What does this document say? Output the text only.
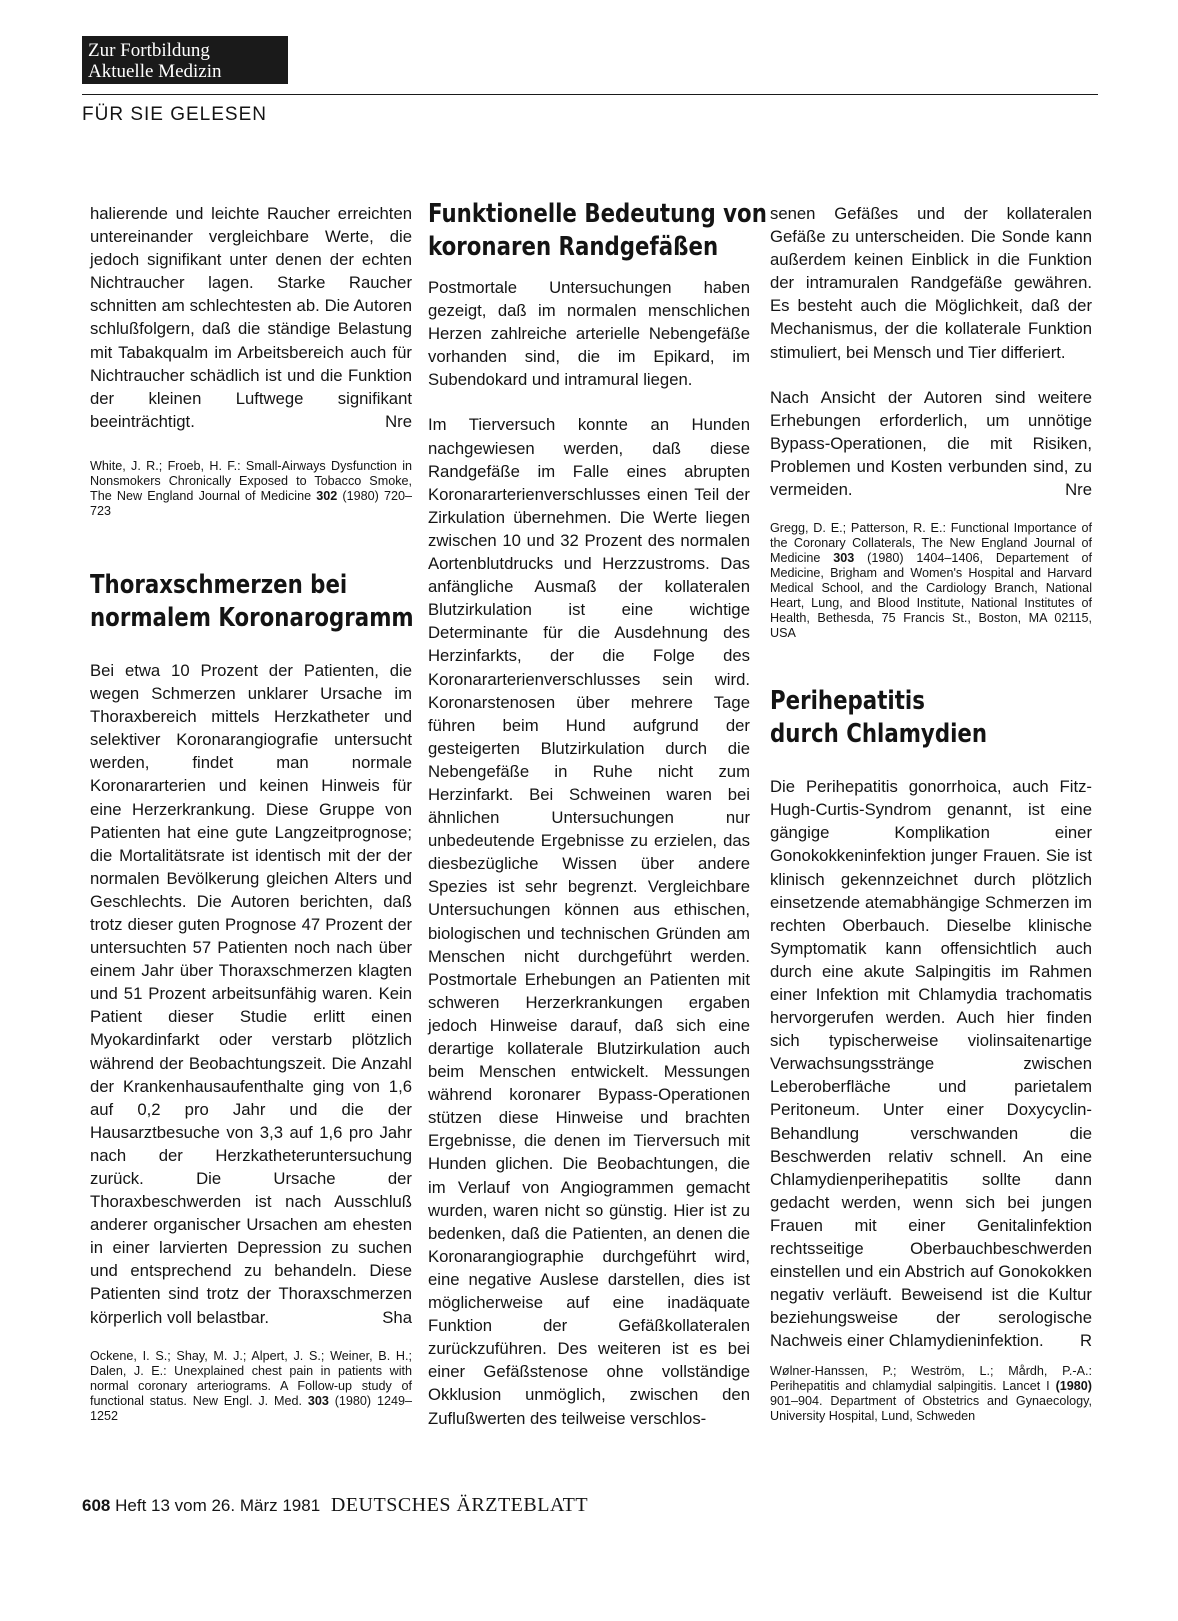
Zur Fortbildung
Aktuelle Medizin
FÜR SIE GELESEN

halierende und leichte Raucher erreichten untereinander vergleichbare Werte, die jedoch signifikant unter denen der echten Nichtraucher lagen. Starke Raucher schnitten am schlechtesten ab. Die Autoren schlußfolgern, daß die ständige Belastung mit Tabakqualm im Arbeitsbereich auch für Nichtraucher schädlich ist und die Funktion der kleinen Luftwege signifikant beeinträchtigt.	Nre

White, J. R.; Froeb, H. F.: Small-Airways Dysfunction in Nonsmokers Chronically Exposed to Tobacco Smoke, The New England Journal of Medicine 302 (1980) 720–723

Thoraxschmerzen bei

normalem Koronarogramm

Bei etwa 10 Prozent der Patienten, die wegen Schmerzen unklarer Ursache im Thoraxbereich mittels Herzkatheter und selektiver Koronarangiografie untersucht werden, findet man normale Koronararterien und keinen Hinweis für eine Herzerkrankung. Diese Gruppe von Patienten hat eine gute Langzeitprognose; die Mortalitätsrate ist identisch mit der der normalen Bevölkerung gleichen Alters und Geschlechts. Die Autoren berichten, daß trotz dieser guten Prognose 47 Prozent der untersuchten 57 Patienten noch nach über einem Jahr über Thoraxschmerzen klagten und 51 Prozent arbeitsunfähig waren. Kein Patient dieser Studie erlitt einen Myokardinfarkt oder verstarb plötzlich während der Beobachtungszeit. Die Anzahl der Krankenhausaufenthalte ging von 1,6 auf 0,2 pro Jahr und die der Hausarztbesuche von 3,3 auf 1,6 pro Jahr nach der Herzkatheteruntersuchung zurück. Die Ursache der Thoraxbeschwerden ist nach Ausschluß anderer organischer Ursachen am ehesten in einer larvierten Depression zu suchen und entsprechend zu behandeln. Diese Patienten sind trotz der Thoraxschmerzen körperlich voll belastbar.	Sha

Ockene, I. S.; Shay, M. J.; Alpert, J. S.; Weiner, B. H.; Dalen, J. E.: Unexplained chest pain in patients with normal coronary arteriograms. A Follow-up study of functional status. New Engl. J. Med. 303 (1980) 1249–1252

Funktionelle Bedeutung von

koronaren Randgefäßen

Postmortale Untersuchungen haben gezeigt, daß im normalen menschlichen Herzen zahlreiche arterielle Nebengefäße vorhanden sind, die im Epikard, im Subendokard und intramural liegen.

Im Tierversuch konnte an Hunden nachgewiesen werden, daß diese Randgefäße im Falle eines abrupten Koronararterienverschlusses einen Teil der Zirkulation übernehmen. Die Werte liegen zwischen 10 und 32 Prozent des normalen Aortenblutdrucks und Herzzustroms. Das anfängliche Ausmaß der kollateralen Blutzirkulation ist eine wichtige Determinante für die Ausdehnung des Herzinfarkts, der die Folge des Koronararterienverschlusses sein wird. Koronarstenosen über mehrere Tage führen beim Hund aufgrund der gesteigerten Blutzirkulation durch die Nebengefäße in Ruhe nicht zum Herzinfarkt. Bei Schweinen waren bei ähnlichen Untersuchungen nur unbedeutende Ergebnisse zu erzielen, das diesbezügliche Wissen über andere Spezies ist sehr begrenzt. Vergleichbare Untersuchungen können aus ethischen, biologischen und technischen Gründen am Menschen nicht durchgeführt werden. Postmortale Erhebungen an Patienten mit schweren Herzerkrankungen ergaben jedoch Hinweise darauf, daß sich eine derartige kollaterale Blutzirkulation auch beim Menschen entwickelt. Messungen während koronarer Bypass-Operationen stützen diese Hinweise und brachten Ergebnisse, die denen im Tierversuch mit Hunden glichen. Die Beobachtungen, die im Verlauf von Angiogrammen gemacht wurden, waren nicht so günstig. Hier ist zu bedenken, daß die Patienten, an denen die Koronarangiographie durchgeführt wird, eine negative Auslese darstellen, dies ist möglicherweise auf eine inadäquate Funktion der Gefäßkollateralen zurückzuführen. Des weiteren ist es bei einer Gefäßstenose ohne vollständige Okklusion unmöglich, zwischen den Zuflußwerten des teilweise verschlos-

senen Gefäßes und der kollateralen Gefäße zu unterscheiden. Die Sonde kann außerdem keinen Einblick in die Funktion der intramuralen Randgefäße gewähren. Es besteht auch die Möglichkeit, daß der Mechanismus, der die kollaterale Funktion stimuliert, bei Mensch und Tier differiert.

Nach Ansicht der Autoren sind weitere Erhebungen erforderlich, um unnötige Bypass-Operationen, die mit Risiken, Problemen und Kosten verbunden sind, zu vermeiden.	Nre

Gregg, D. E.; Patterson, R. E.: Functional Importance of the Coronary Collaterals, The New England Journal of Medicine 303 (1980) 1404–1406, Departement of Medicine, Brigham and Women's Hospital and Harvard Medical School, and the Cardiology Branch, National Heart, Lung, and Blood Institute, National Institutes of Health, Bethesda, 75 Francis St., Boston, MA 02115, USA

Perihepatitis

durch Chlamydien

Die Perihepatitis gonorrhoica, auch Fitz-Hugh-Curtis-Syndrom genannt, ist eine gängige Komplikation einer Gonokokkeninfektion junger Frauen. Sie ist klinisch gekennzeichnet durch plötzlich einsetzende atemabhängige Schmerzen im rechten Oberbauch. Dieselbe klinische Symptomatik kann offensichtlich auch durch eine akute Salpingitis im Rahmen einer Infektion mit Chlamydia trachomatis hervorgerufen werden. Auch hier finden sich typischerweise violinsaitenartige Verwachsungsstränge zwischen Leberoberfläche und parietalem Peritoneum. Unter einer Doxycyclin-Behandlung verschwanden die Beschwerden relativ schnell. An eine Chlamydienperihepatitis sollte dann gedacht werden, wenn sich bei jungen Frauen mit einer Genitalinfektion rechtsseitige Oberbauchbeschwerden einstellen und ein Abstrich auf Gonokokken negativ verläuft. Beweisend ist die Kultur beziehungsweise der serologische Nachweis einer Chlamydieninfektion. R

Wølner-Hanssen, P.; Weström, L.; Mårdh, P.-A.: Perihepatitis and chlamydial salpingitis. Lancet I (1980) 901–904. Department of Obstetrics and Gynaecology, University Hospital, Lund, Schweden

608 Heft 13 vom 26. März 1981 DEUTSCHES ÄRZTEBLATT
